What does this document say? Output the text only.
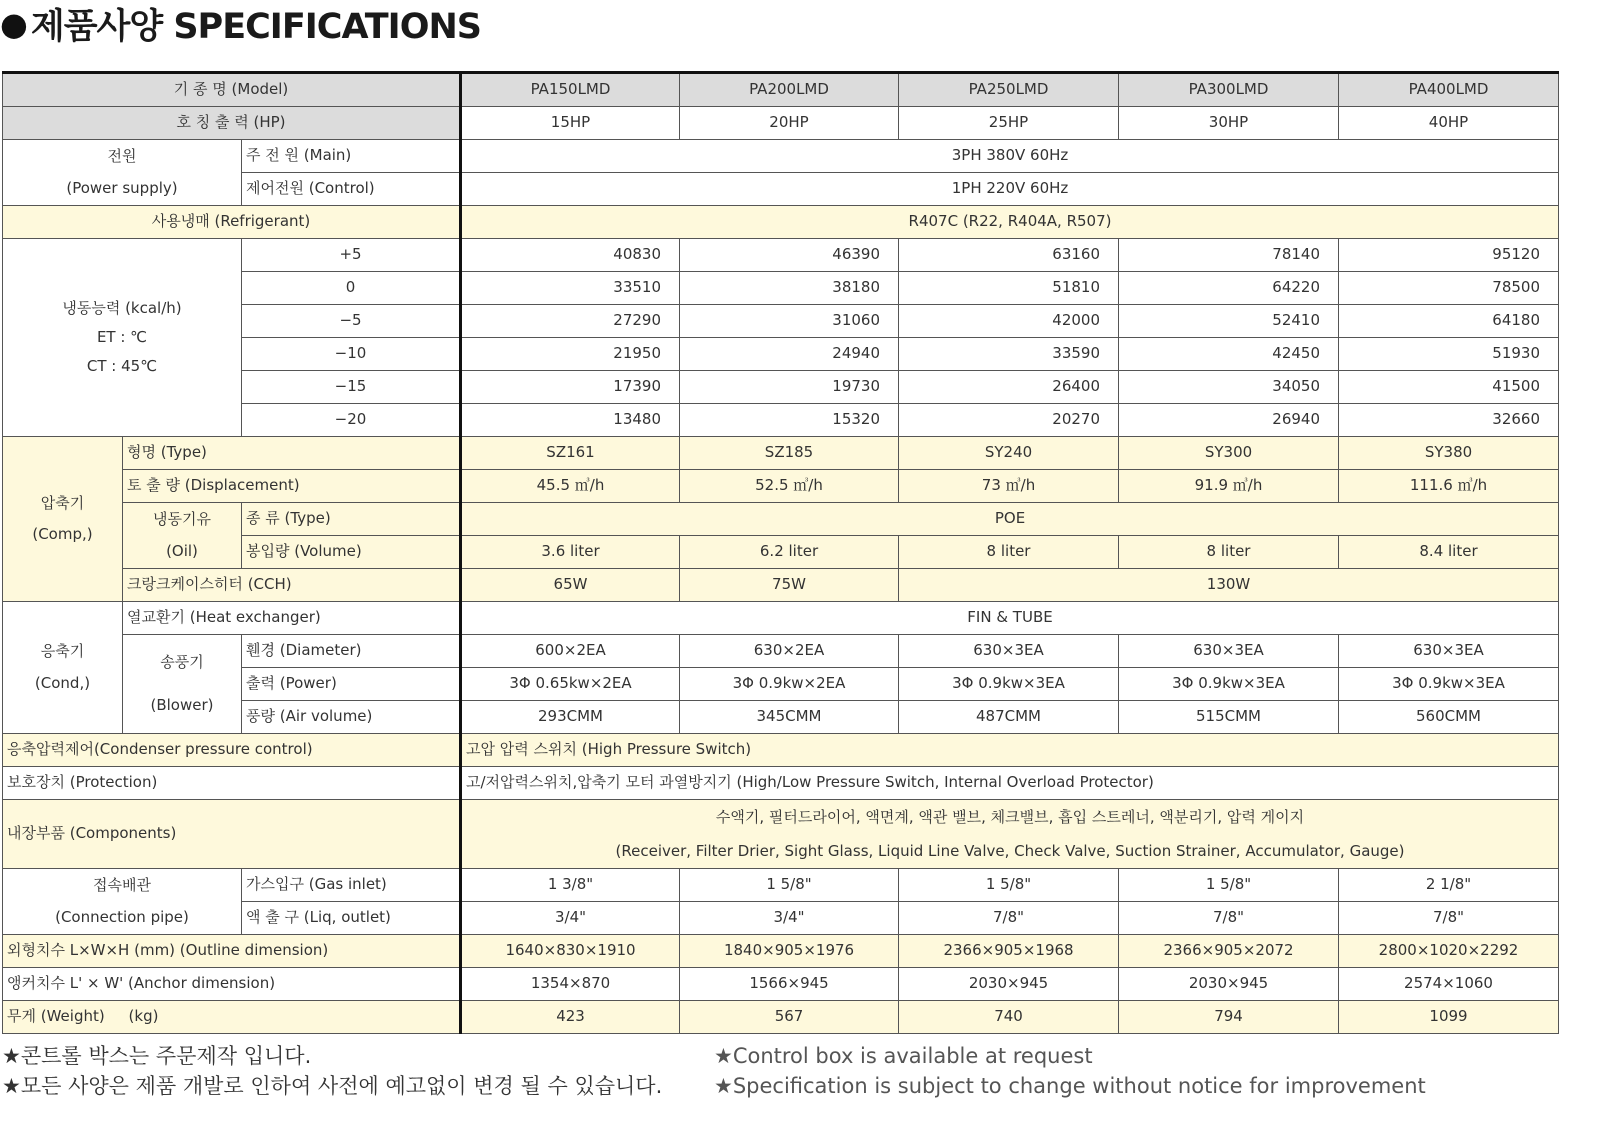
● 제품사양 SPECIFICATIONS
기 종 명 (Model)			PA150LMD	PA200LMD	PA250LMD	PA300LMD	PA400LMD
호 칭 출 력 (HP)			15HP	20HP	25HP	30HP	40HP

전원
(Power supply)		주 전 원 (Main)	3PH 380V 60Hz				
		제어전원 (Control)	1PH 220V 60Hz				
사용냉매 (Refrigerant)			R407C (R22, R404A, R507)				

냉동능력 (kcal/h)
ET : ℃
CT : 45℃		+5	40830	46390	63160	78140	95120
		0	33510	38180	51810	64220	78500
		−5	27290	31060	42000	52410	64180
		−10	21950	24940	33590	42450	51930
		−15	17390	19730	26400	34050	41500
		−20	13480	15320	20270	26940	32660

압축기
(Comp,)	형명 (Type)		SZ161	SZ185	SY240	SY300	SY380
	토 출 량 (Displacement)		45.5 ㎥/h	52.5 ㎥/h	73 ㎥/h	91.9 ㎥/h	111.6 ㎥/h

	냉동기유
(Oil)	종 류 (Type)	POE				
		봉입량 (Volume)	3.6 liter	6.2 liter	8 liter	8 liter	8.4 liter
	크랑크케이스히터 (CCH)		65W	75W	130W		

응축기
(Cond,)	열교환기 (Heat exchanger)		FIN & TUBE				

	송풍기
(Blower)	휀경 (Diameter)	600×2EA	630×2EA	630×3EA	630×3EA	630×3EA
		출력 (Power)	3Φ 0.65kw×2EA	3Φ 0.9kw×2EA	3Φ 0.9kw×3EA	3Φ 0.9kw×3EA	3Φ 0.9kw×3EA
		풍량 (Air volume)	293CMM	345CMM	487CMM	515CMM	560CMM
응축압력제어(Condenser pressure control)			고압 압력 스위치 (High Pressure Switch)				
보호장치 (Protection)			고/저압력스위치,압축기 모터 과열방지기 (High/Low Pressure Switch, Internal Overload Protector)				
내장부품 (Components)			수액기, 필터드라이어, 액면계, 액관 밸브, 체크밸브, 흡입 스트레너, 액분리기, 압력 게이지
(Receiver, Filter Drier, Sight Glass, Liquid Line Valve, Check Valve, Suction Strainer, Accumulator, Gauge)				

접속배관
(Connection pipe)		가스입구 (Gas inlet)	1 3/8"	1 5/8"	1 5/8"	1 5/8"	2 1/8"
		액 출 구 (Liq, outlet)	3/4"	3/4"	7/8"	7/8"	7/8"
외형치수 L×W×H (mm) (Outline dimension)			1640×830×1910	1840×905×1976	2366×905×1968	2366×905×2072	2800×1020×2292
앵커치수 L' × W' (Anchor dimension)			1354×870	1566×945	2030×945	2030×945	2574×1060
무게 (Weight)     (kg)			423	567	740	794	1099
★콘트롤 박스는 주문제작 입니다.
★모든 사양은 제품 개발로 인하여 사전에 예고없이 변경 될 수 있습니다.
★Control box is available at request
★Specification is subject to change without notice for improvement
